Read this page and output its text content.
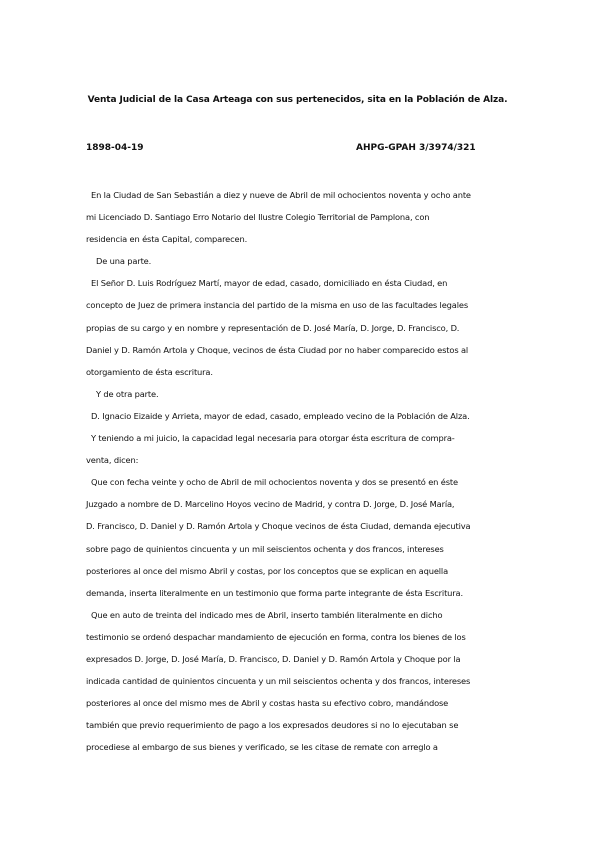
Venta Judicial de la Casa Arteaga con sus pertenecidos, sita en la Población de Alza.
1898-04-19	AHPG-GPAH 3/3974/321
En la Ciudad de San Sebastián a diez y nueve de Abril de mil ochocientos noventa y ocho ante
mi Licenciado D. Santiago Erro Notario del Ilustre Colegio Territorial de Pamplona, con
residencia en ésta Capital, comparecen.
De una parte.
El Señor D. Luis Rodríguez Martí, mayor de edad, casado, domiciliado en ésta Ciudad, en
concepto de Juez de primera instancia del partido de la misma en uso de las facultades legales
propias de su cargo y en nombre y representación de D. José María, D. Jorge, D. Francisco, D.
Daniel y D. Ramón Artola y Choque, vecinos de ésta Ciudad por no haber comparecido estos al
otorgamiento de ésta escritura.
Y de otra parte.
D. Ignacio Eizaide y Arrieta, mayor de edad, casado, empleado vecino de la Población de Alza.
Y teniendo a mi juicio, la capacidad legal necesaria para otorgar ésta escritura de compra-
venta, dicen:
Que con fecha veinte y ocho de Abril de mil ochocientos noventa y dos se presentó en éste
Juzgado a nombre de D. Marcelino Hoyos vecino de Madrid, y contra D. Jorge, D. José María,
D. Francisco, D. Daniel y D. Ramón Artola y Choque vecinos de ésta Ciudad, demanda ejecutiva
sobre pago de quinientos cincuenta y un mil seiscientos ochenta y dos francos, intereses
posteriores al once del mismo Abril y costas, por los conceptos que se explican en aquella
demanda, inserta literalmente en un testimonio que forma parte integrante de ésta Escritura.
Que en auto de treinta del indicado mes de Abril, inserto también literalmente en dicho
testimonio se ordenó despachar mandamiento de ejecución en forma, contra los bienes de los
expresados D. Jorge, D. José María, D. Francisco, D. Daniel y D. Ramón Artola y Choque por la
indicada cantidad de quinientos cincuenta y un mil seiscientos ochenta y dos francos, intereses
posteriores al once del mismo mes de Abril y costas hasta su efectivo cobro, mandándose
también que previo requerimiento de pago a los expresados deudores si no lo ejecutaban se
procediese al embargo de sus bienes y verificado, se les citase de remate con arreglo a
